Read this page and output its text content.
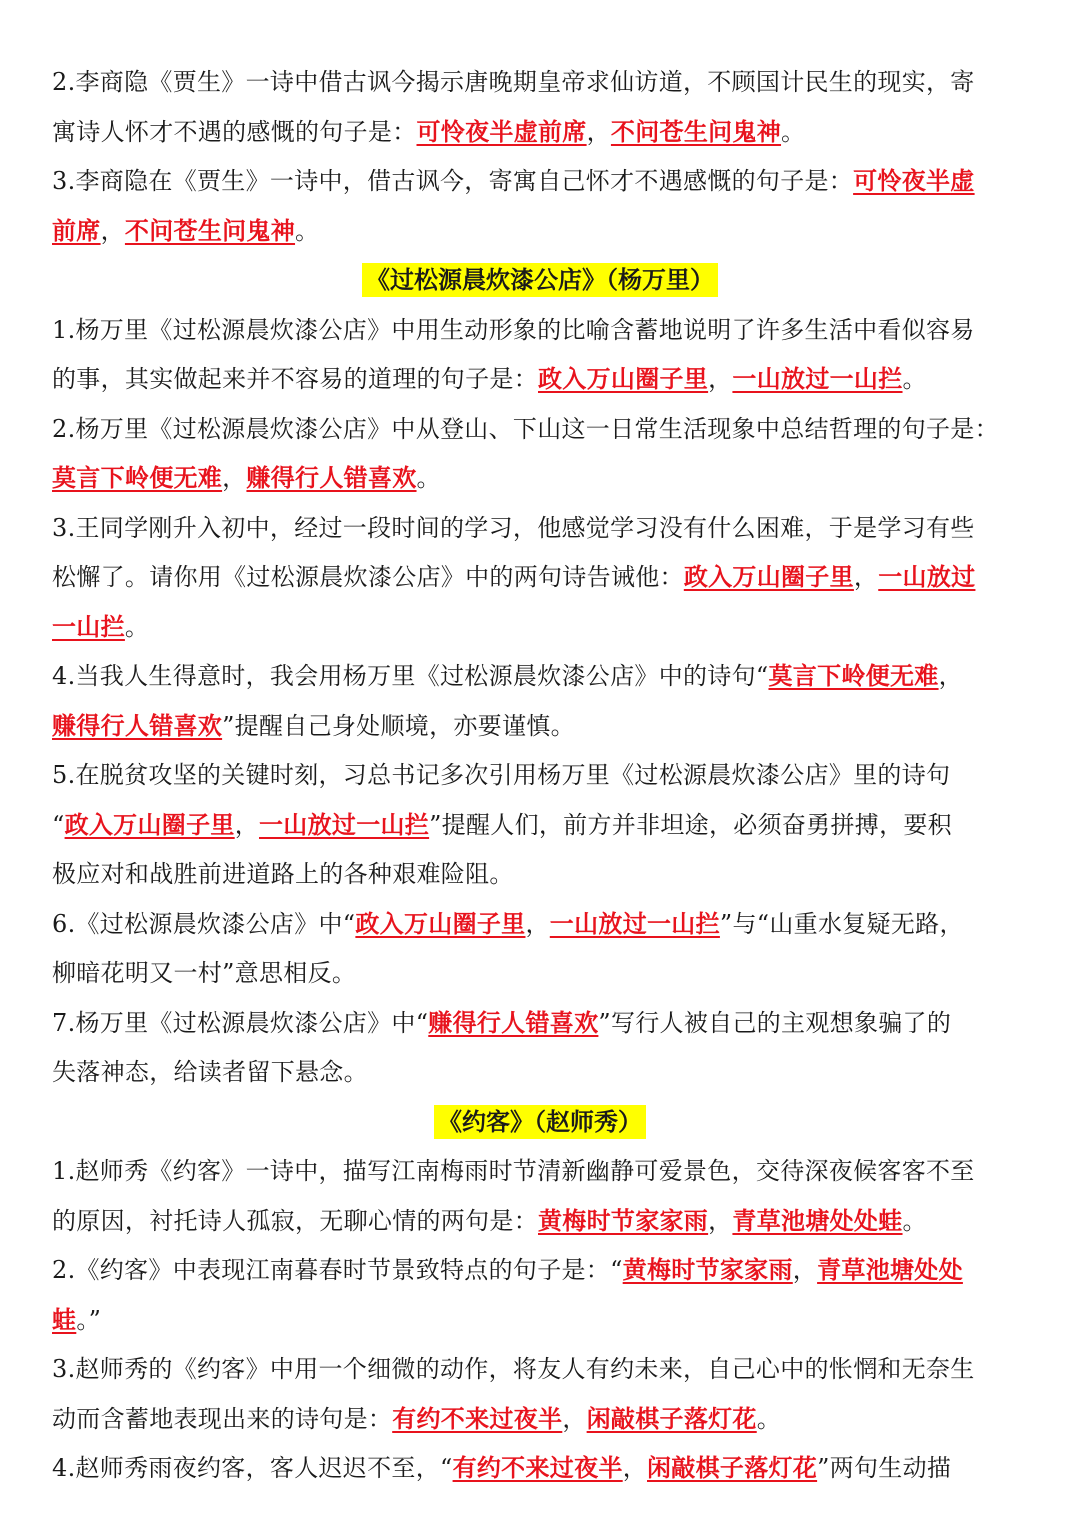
2.李商隐《贾生》一诗中借古讽今揭示唐晚期皇帝求仙访道，不顾国计民生的现实，寄
寓诗人怀才不遇的感慨的句子是：可怜夜半虚前席，不问苍生问鬼神。
3.李商隐在《贾生》一诗中，借古讽今，寄寓自己怀才不遇感慨的句子是：可怜夜半虚
前席，不问苍生问鬼神。
《过松源晨炊漆公店》（杨万里）
1.杨万里《过松源晨炊漆公店》中用生动形象的比喻含蓄地说明了许多生活中看似容易
的事，其实做起来并不容易的道理的句子是：政入万山圈子里，一山放过一山拦。
2.杨万里《过松源晨炊漆公店》中从登山、下山这一日常生活现象中总结哲理的句子是：
莫言下岭便无难，赚得行人错喜欢。
3.王同学刚升入初中，经过一段时间的学习，他感觉学习没有什么困难，于是学习有些
松懈了。请你用《过松源晨炊漆公店》中的两句诗告诫他：政入万山圈子里，一山放过
一山拦。
4.当我人生得意时，我会用杨万里《过松源晨炊漆公店》中的诗句“莫言下岭便无难，
赚得行人错喜欢”提醒自己身处顺境，亦要谨慎。
5.在脱贫攻坚的关键时刻，习总书记多次引用杨万里《过松源晨炊漆公店》里的诗句
“政入万山圈子里，一山放过一山拦”提醒人们，前方并非坦途，必须奋勇拼搏，要积
极应对和战胜前进道路上的各种艰难险阻。
6.《过松源晨炊漆公店》中“政入万山圈子里，一山放过一山拦”与“山重水复疑无路，
柳暗花明又一村”意思相反。
7.杨万里《过松源晨炊漆公店》中“赚得行人错喜欢”写行人被自己的主观想象骗了的
失落神态，给读者留下悬念。
《约客》（赵师秀）
1.赵师秀《约客》一诗中，描写江南梅雨时节清新幽静可爱景色，交待深夜候客客不至
的原因，衬托诗人孤寂，无聊心情的两句是：黄梅时节家家雨，青草池塘处处蛙。
2.《约客》中表现江南暮春时节景致特点的句子是：“黄梅时节家家雨，青草池塘处处
蛙。”
3.赵师秀的《约客》中用一个细微的动作，将友人有约未来，自己心中的怅惘和无奈生
动而含蓄地表现出来的诗句是：有约不来过夜半，闲敲棋子落灯花。
4.赵师秀雨夜约客，客人迟迟不至，“有约不来过夜半，闲敲棋子落灯花”两句生动描
